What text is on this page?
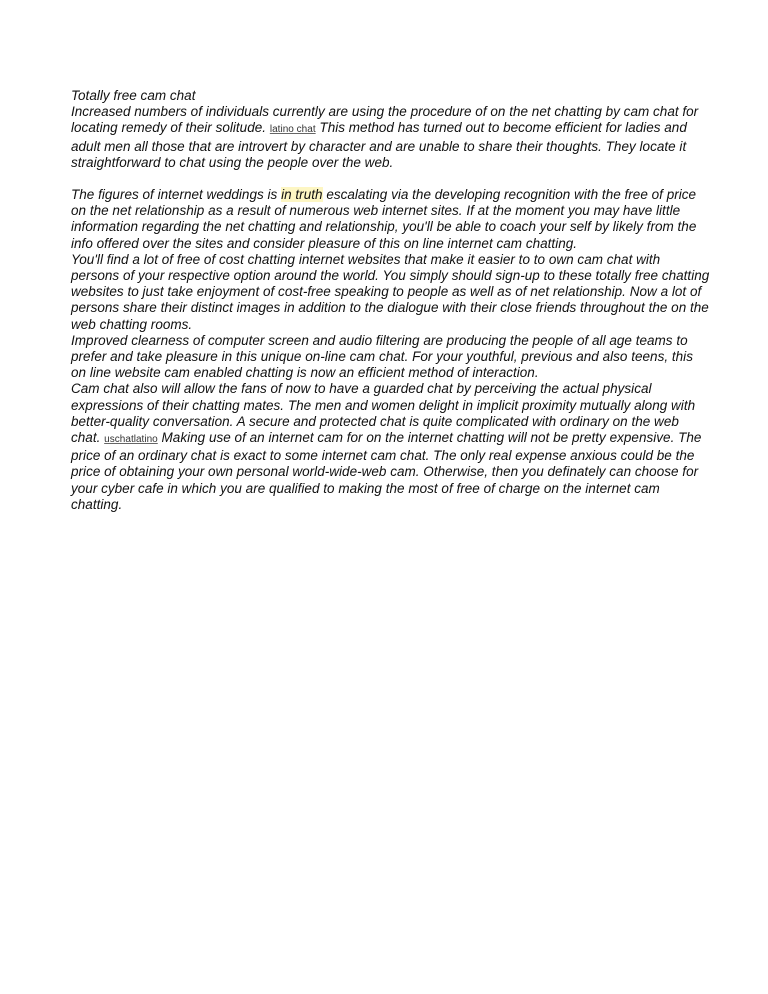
Totally free cam chat

Increased numbers of individuals currently are using the procedure of on the net chatting by cam chat for locating remedy of their solitude. latino chat This method has turned out to become efficient for ladies and adult men all those that are introvert by character and are unable to share their thoughts. They locate it straightforward to chat using the people over the web.

The figures of internet weddings is in truth escalating via the developing recognition with the free of price on the net relationship as a result of numerous web internet sites. If at the moment you may have little information regarding the net chatting and relationship, you'll be able to coach your self by likely from the info offered over the sites and consider pleasure of this on line internet cam chatting.

You'll find a lot of free of cost chatting internet websites that make it easier to to own cam chat with persons of your respective option around the world. You simply should sign-up to these totally free chatting websites to just take enjoyment of cost-free speaking to people as well as of net relationship. Now a lot of persons share their distinct images in addition to the dialogue with their close friends throughout the on the web chatting rooms.

Improved clearness of computer screen and audio filtering are producing the people of all age teams to prefer and take pleasure in this unique on-line cam chat. For your youthful, previous and also teens, this on line website cam enabled chatting is now an efficient method of interaction.

Cam chat also will allow the fans of now to have a guarded chat by perceiving the actual physical expressions of their chatting mates. The men and women delight in implicit proximity mutually along with better-quality conversation. A secure and protected chat is quite complicated with ordinary on the web chat. uschatlatino Making use of an internet cam for on the internet chatting will not be pretty expensive. The price of an ordinary chat is exact to some internet cam chat. The only real expense anxious could be the price of obtaining your own personal world-wide-web cam. Otherwise, then you definately can choose for your cyber cafe in which you are qualified to making the most of free of charge on the internet cam chatting.
